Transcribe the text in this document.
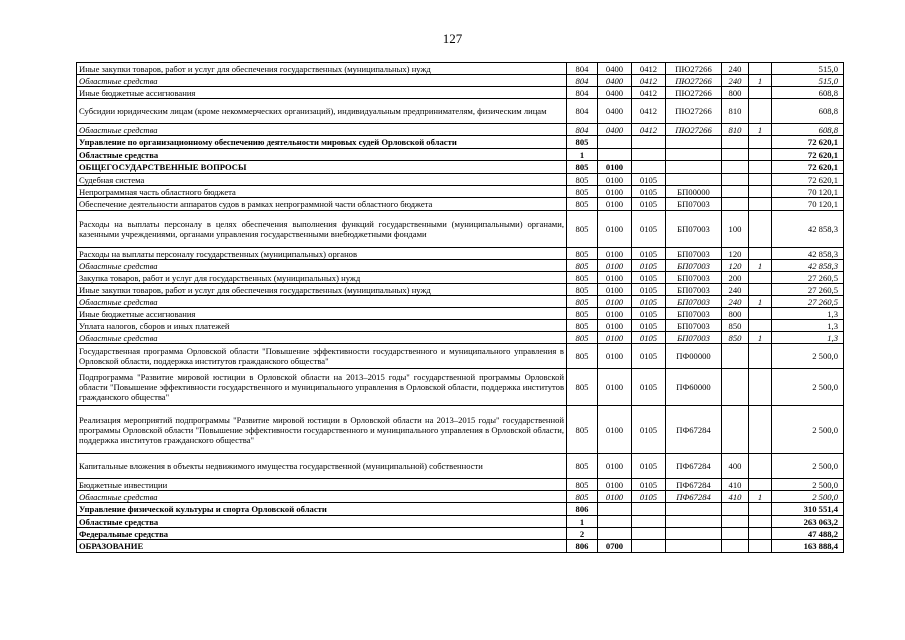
127
Иные закупки товаров, работ и услуг для обеспечения государственных (муниципальных) нужд	804	0400	0412	ПЮ27266	240		515,0
Областные средства	804	0400	0412	ПЮ27266	240	1	515,0
Иные бюджетные ассигнования	804	0400	0412	ПЮ27266	800		608,8
Субсидии юридическим лицам (кроме некоммерческих организаций), индивидуальным предпринимателям, физическим лицам	804	0400	0412	ПЮ27266	810		608,8
Областные средства	804	0400	0412	ПЮ27266	810	1	608,8
Управление по организационному обеспечению деятельности мировых судей Орловской области	805						72 620,1
Областные средства	1						72 620,1
ОБЩЕГОСУДАРСТВЕННЫЕ ВОПРОСЫ	805	0100					72 620,1
Судебная система	805	0100	0105				72 620,1
Непрограммная часть областного бюджета	805	0100	0105	БП00000			70 120,1
Обеспечение деятельности аппаратов судов в рамках непрограммной части областного бюджета	805	0100	0105	БП07003			70 120,1
Расходы на выплаты персоналу в целях обеспечения выполнения функций государственными (муниципальными) органами, казенными учреждениями, органами управления государственными внебюджетными фондами	805	0100	0105	БП07003	100		42 858,3
Расходы на выплаты персоналу государственных (муниципальных) органов	805	0100	0105	БП07003	120		42 858,3
Областные средства	805	0100	0105	БП07003	120	1	42 858,3
Закупка товаров, работ и услуг для государственных (муниципальных) нужд	805	0100	0105	БП07003	200		27 260,5
Иные закупки товаров, работ и услуг для обеспечения государственных (муниципальных) нужд	805	0100	0105	БП07003	240		27 260,5
Областные средства	805	0100	0105	БП07003	240	1	27 260,5
Иные бюджетные ассигнования	805	0100	0105	БП07003	800		1,3
Уплата налогов, сборов и иных платежей	805	0100	0105	БП07003	850		1,3
Областные средства	805	0100	0105	БП07003	850	1	1,3
Государственная программа Орловской области "Повышение эффективности государственного и муниципального управления в Орловской области, поддержка институтов гражданского общества"	805	0100	0105	ПФ00000			2 500,0
Подпрограмма "Развитие мировой юстиции в Орловской области на 2013–2015 годы" государственной программы Орловской области "Повышение эффективности государственного и муниципального управления в Орловской области, поддержка институтов гражданского общества"	805	0100	0105	ПФ60000			2 500,0
Реализация мероприятий подпрограммы "Развитие мировой юстиции в Орловской области на 2013–2015 годы" государственной программы Орловской области "Повышение эффективности государственного и муниципального управления в Орловской области, поддержка институтов гражданского общества"	805	0100	0105	ПФ67284			2 500,0
Капитальные вложения в объекты недвижимого имущества государственной (муниципальной) собственности	805	0100	0105	ПФ67284	400		2 500,0
Бюджетные инвестиции	805	0100	0105	ПФ67284	410		2 500,0
Областные средства	805	0100	0105	ПФ67284	410	1	2 500,0
Управление физической культуры и спорта Орловской области	806						310 551,4
Областные средства	1						263 063,2
Федеральные средства	2						47 488,2
ОБРАЗОВАНИЕ	806	0700					163 888,4
